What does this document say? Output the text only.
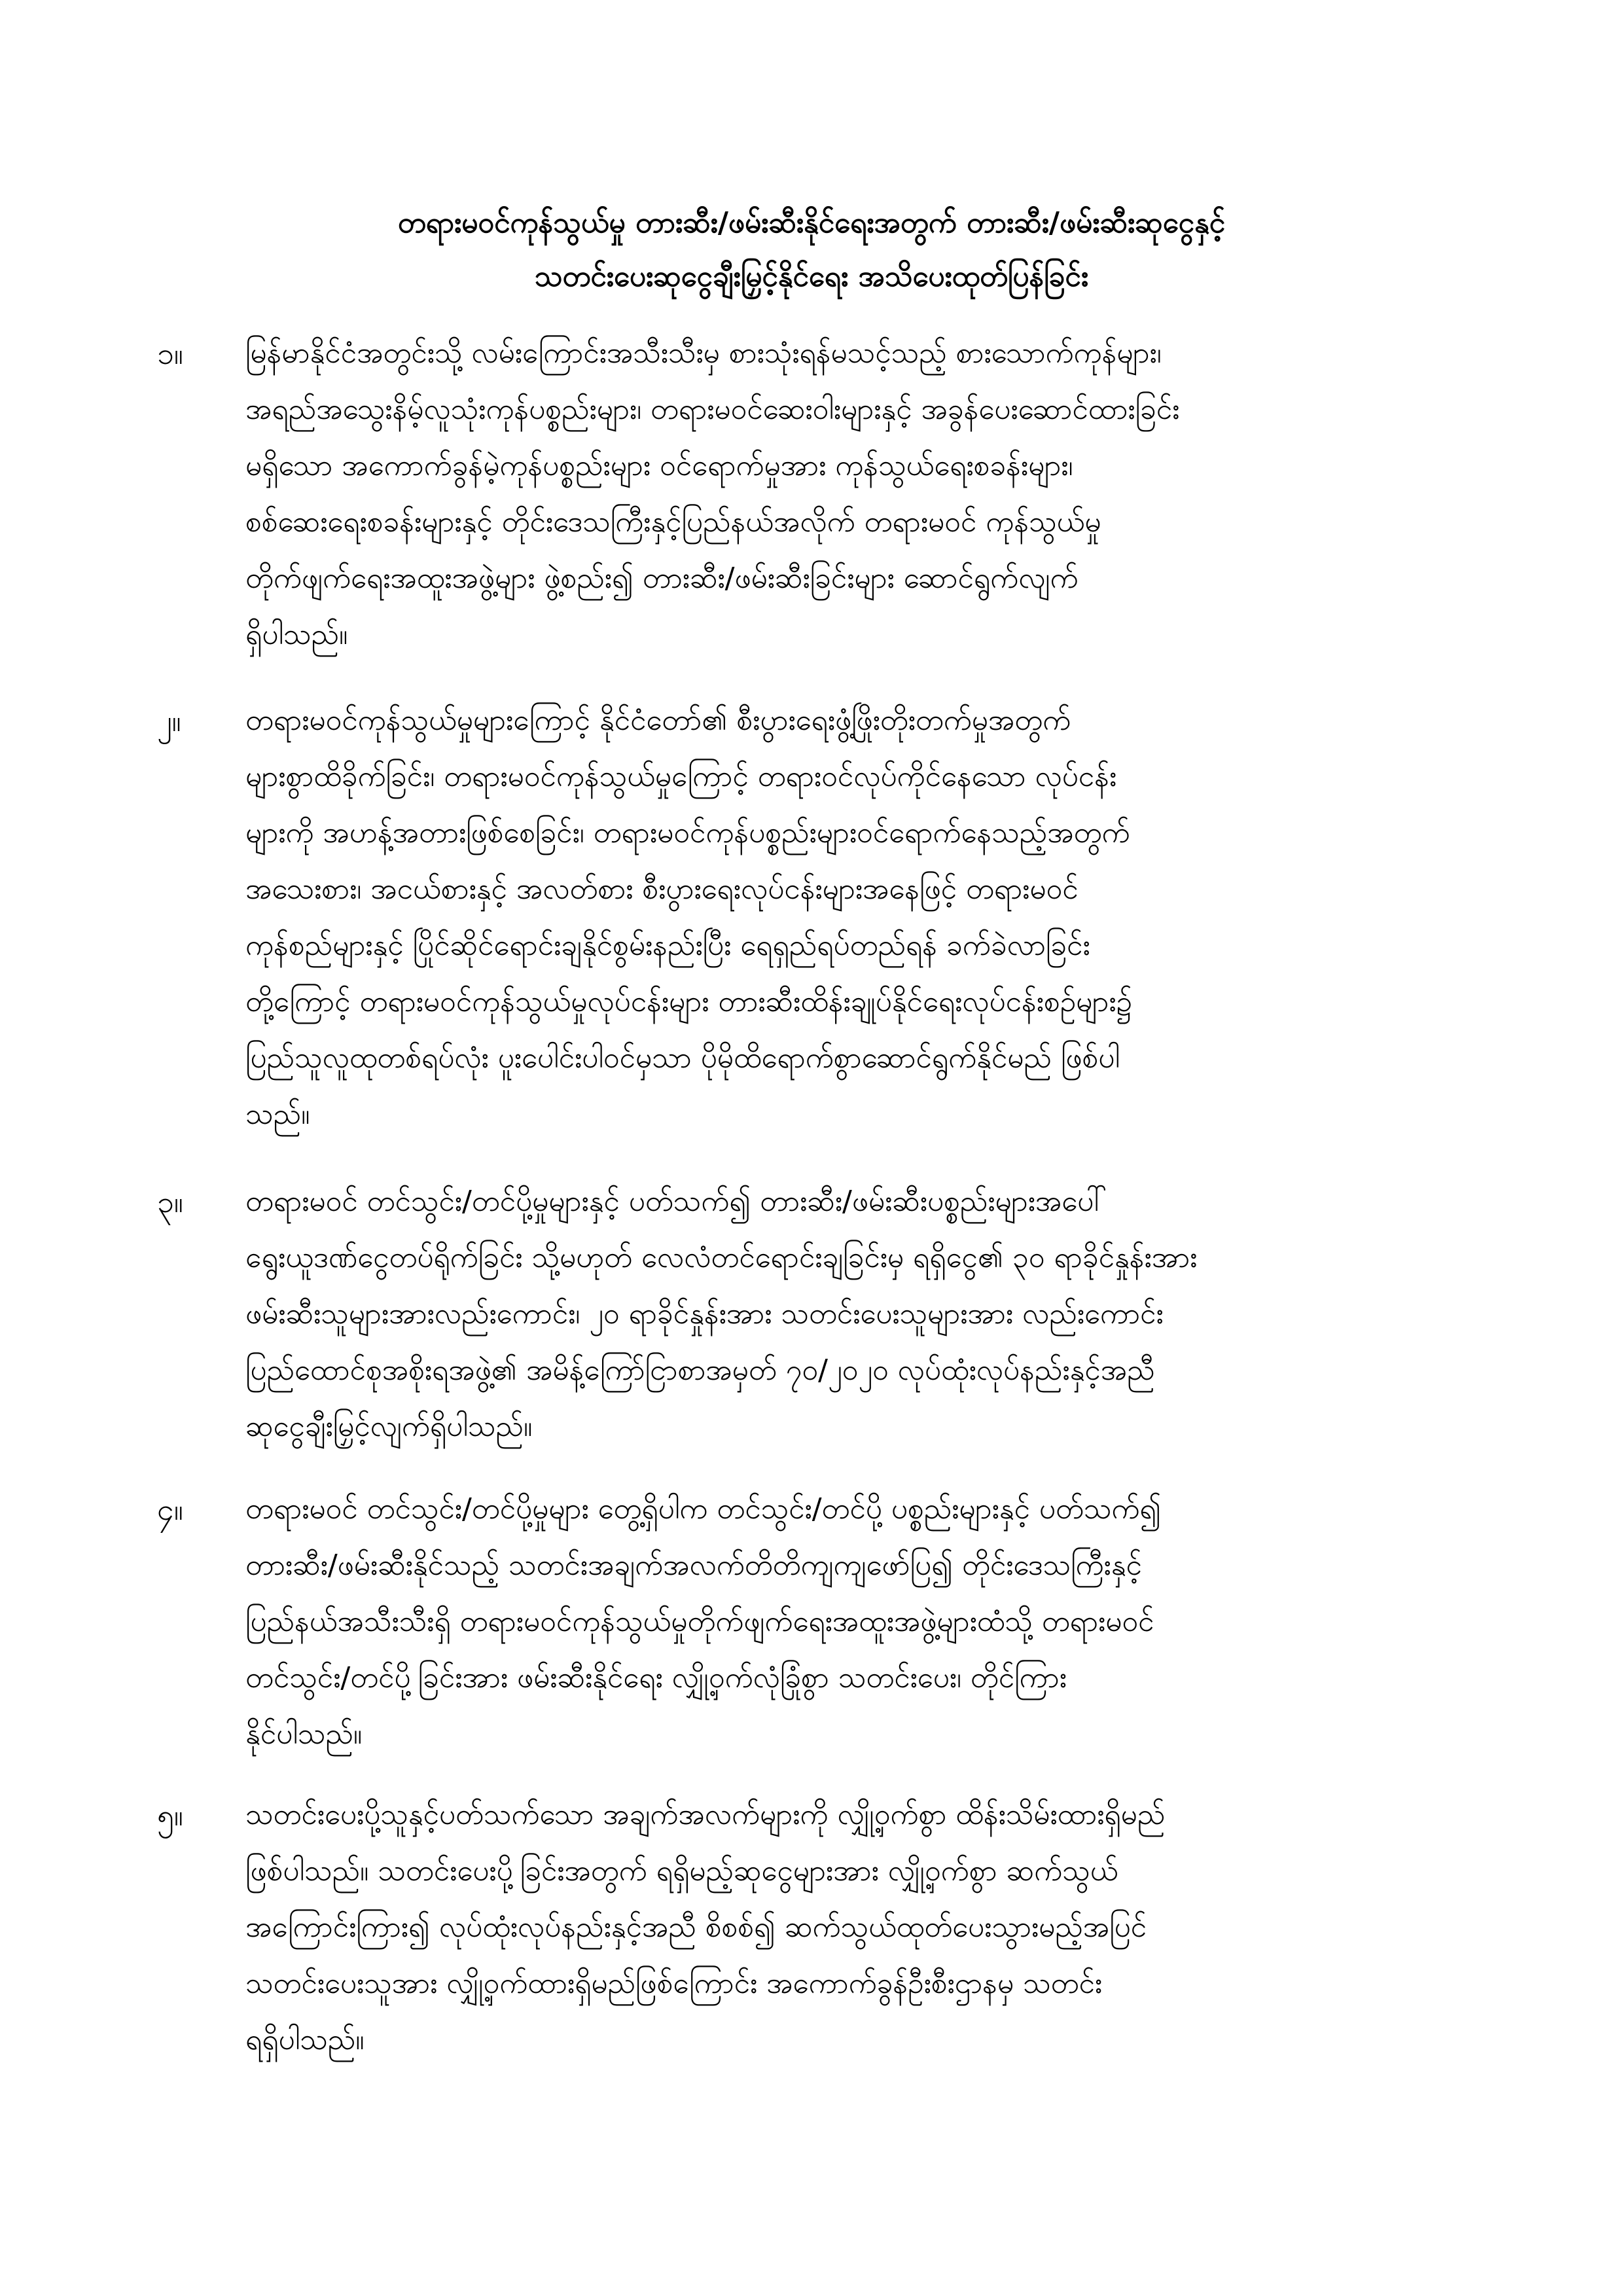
တရားမဝင်ကုန်သွယ်မှု တားဆီး/ဖမ်းဆီးနိုင်ရေးအတွက် တားဆီး/ဖမ်းဆီးဆုငွေနှင့်
သတင်းပေးဆုငွေချီးမြှင့်နိုင်ရေး အသိပေးထုတ်ပြန်ခြင်း
၁။	မြန်မာနိုင်ငံအတွင်းသို့ လမ်းကြောင်းအသီးသီးမှ စားသုံးရန်မသင့်သည့် စားသောက်ကုန်များ၊
အရည်အသွေးနိမ့်လူသုံးကုန်ပစ္စည်းများ၊ တရားမဝင်ဆေးဝါးများနှင့် အခွန်ပေးဆောင်ထားခြင်း
မရှိသော အကောက်ခွန်မဲ့ကုန်ပစ္စည်းများ ဝင်ရောက်မှုအား ကုန်သွယ်ရေးစခန်းများ၊
စစ်ဆေးရေးစခန်းများနှင့် တိုင်းဒေသကြီးနှင့်ပြည်နယ်အလိုက် တရားမဝင် ကုန်သွယ်မှု
တိုက်ဖျက်ရေးအထူးအဖွဲ့များ ဖွဲ့စည်း၍ တားဆီး/ဖမ်းဆီးခြင်းများ ဆောင်ရွက်လျက်
ရှိပါသည်။
၂။	တရားမဝင်ကုန်သွယ်မှုများကြောင့် နိုင်ငံတော်၏ စီးပွားရေးဖွံ့ဖြိုးတိုးတက်မှုအတွက်
များစွာထိခိုက်ခြင်း၊ တရားမဝင်ကုန်သွယ်မှုကြောင့် တရားဝင်လုပ်ကိုင်နေသော လုပ်ငန်း
များကို အဟန့်အတားဖြစ်စေခြင်း၊ တရားမဝင်ကုန်ပစ္စည်းများဝင်ရောက်နေသည့်အတွက်
အသေးစား၊ အငယ်စားနှင့် အလတ်စား စီးပွားရေးလုပ်ငန်းများအနေဖြင့် တရားမဝင်
ကုန်စည်များနှင့် ပြိုင်ဆိုင်ရောင်းချနိုင်စွမ်းနည်းပြီး ရေရှည်ရပ်တည်ရန် ခက်ခဲလာခြင်း
တို့ကြောင့် တရားမဝင်ကုန်သွယ်မှုလုပ်ငန်းများ တားဆီးထိန်းချုပ်နိုင်ရေးလုပ်ငန်းစဉ်များ၌
ပြည်သူလူထုတစ်ရပ်လုံး ပူးပေါင်းပါဝင်မှသာ ပိုမိုထိရောက်စွာဆောင်ရွက်နိုင်မည် ဖြစ်ပါ
သည်။
၃။	တရားမဝင် တင်သွင်း/တင်ပို့မှုများနှင့် ပတ်သက်၍ တားဆီး/ဖမ်းဆီးပစ္စည်းများအပေါ်
ရွေးယူဒဏ်ငွေတပ်ရိုက်ခြင်း သို့မဟုတ် လေလံတင်ရောင်းချခြင်းမှ ရရှိငွေ၏ ၃၀ ရာခိုင်နှုန်းအား
ဖမ်းဆီးသူများအားလည်းကောင်း၊ ၂၀ ရာခိုင်နှုန်းအား သတင်းပေးသူများအား လည်းကောင်း
ပြည်ထောင်စုအစိုးရအဖွဲ့၏ အမိန့်ကြော်ငြာစာအမှတ် ၇၀/၂၀၂၀ လုပ်ထုံးလုပ်နည်းနှင့်အညီ
ဆုငွေချီးမြှင့်လျက်ရှိပါသည်။
၄။	တရားမဝင် တင်သွင်း/တင်ပို့မှုများ တွေ့ရှိပါက တင်သွင်း/တင်ပို့ ပစ္စည်းများနှင့် ပတ်သက်၍
တားဆီး/ဖမ်းဆီးနိုင်သည့် သတင်းအချက်အလက်တိတိကျကျဖော်ပြ၍ တိုင်းဒေသကြီးနှင့်
ပြည်နယ်အသီးသီးရှိ တရားမဝင်ကုန်သွယ်မှုတိုက်ဖျက်ရေးအထူးအဖွဲ့များထံသို့ တရားမဝင်
တင်သွင်း/တင်ပို့ခြင်းအား ဖမ်းဆီးနိုင်ရေး လျှို့ဝှက်လုံခြုံစွာ သတင်းပေး၊ တိုင်ကြား
နိုင်ပါသည်။
၅။	သတင်းပေးပို့သူနှင့်ပတ်သက်သော အချက်အလက်များကို လျှို့ဝှက်စွာ ထိန်းသိမ်းထားရှိမည်
ဖြစ်ပါသည်။ သတင်းပေးပို့ခြင်းအတွက် ရရှိမည့်ဆုငွေများအား လျှို့ဝှက်စွာ ဆက်သွယ်
အကြောင်းကြား၍ လုပ်ထုံးလုပ်နည်းနှင့်အညီ စိစစ်၍ ဆက်သွယ်ထုတ်ပေးသွားမည့်အပြင်
သတင်းပေးသူအား လျှို့ဝှက်ထားရှိမည်ဖြစ်ကြောင်း အကောက်ခွန်ဦးစီးဌာနမှ သတင်း
ရရှိပါသည်။
